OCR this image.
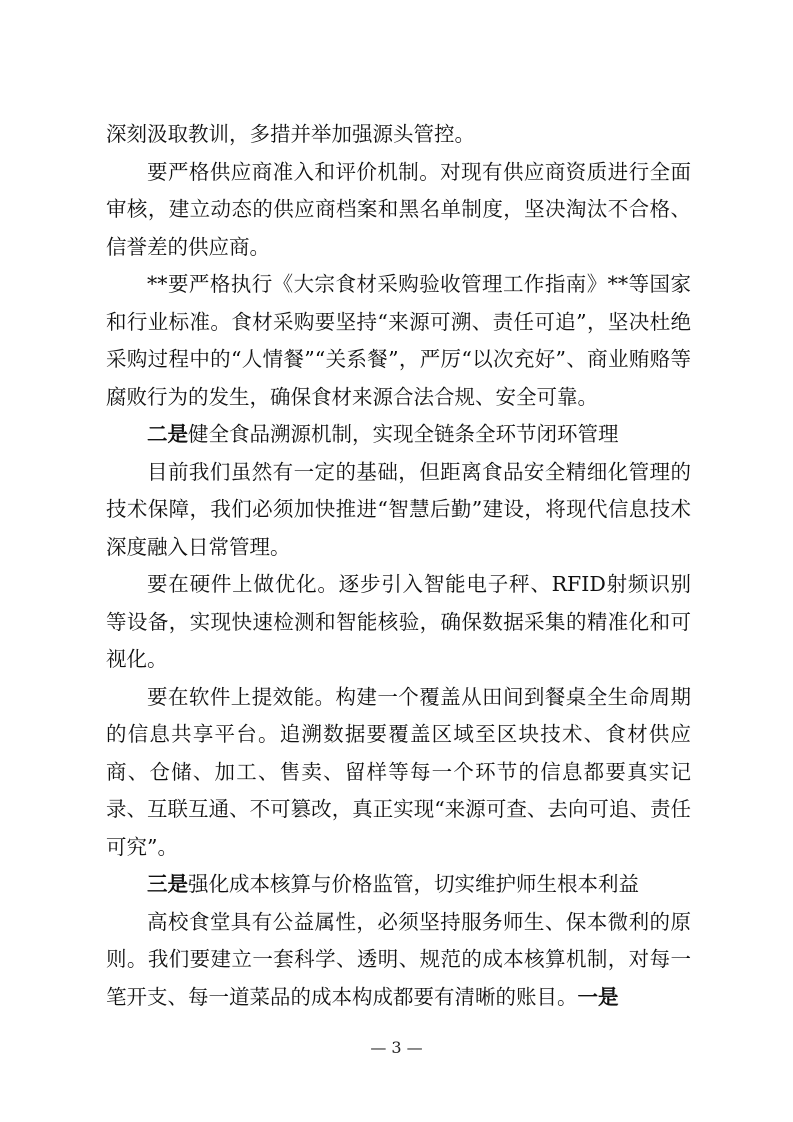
深刻汲取教训，多措并举加强源头管控。

要严格供应商准入和评价机制。对现有供应商资质进行全面审核，建立动态的供应商档案和黑名单制度，坚决淘汰不合格、信誉差的供应商。

**要严格执行《大宗食材采购验收管理工作指南》**等国家和行业标准。食材采购要坚持“来源可溯、责任可追”，坚决杜绝采购过程中的“人情餐”“关系餐”，严厉“以次充好”、商业贿赂等腐败行为的发生，确保食材来源合法合规、安全可靠。

二是健全食品溯源机制，实现全链条全环节闭环管理

目前我们虽然有一定的基础，但距离食品安全精细化管理的技术保障，我们必须加快推进“智慧后勤”建设，将现代信息技术深度融入日常管理。

要在硬件上做优化。逐步引入智能电子秤、RFID射频识别等设备，实现快速检测和智能核验，确保数据采集的精准化和可视化。

要在软件上提效能。构建一个覆盖从田间到餐桌全生命周期的信息共享平台。追溯数据要覆盖区域至区块技术、食材供应商、仓储、加工、售卖、留样等每一个环节的信息都要真实记录、互联互通、不可篡改，真正实现“来源可查、去向可追、责任可究”。

三是强化成本核算与价格监管，切实维护师生根本利益

高校食堂具有公益属性，必须坚持服务师生、保本微利的原则。我们要建立一套科学、透明、规范的成本核算机制，对每一笔开支、每一道菜品的成本构成都要有清晰的账目。一是

— 3 —
